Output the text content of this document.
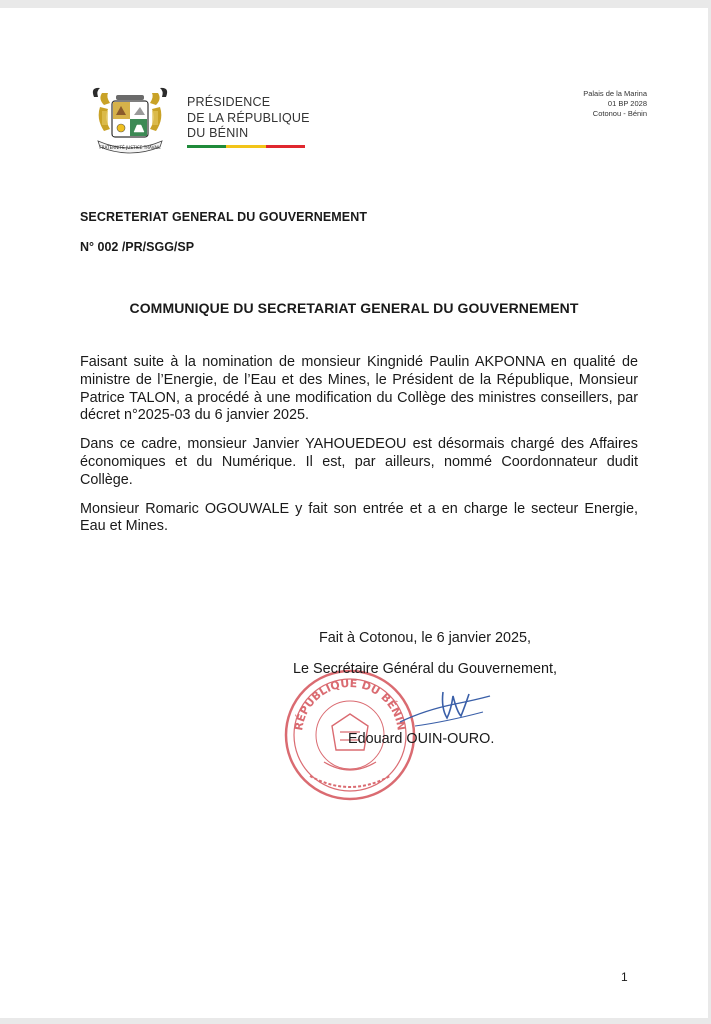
FRATERNITÉ JUSTICE TRAVAIL
PRÉSIDENCE
DE LA RÉPUBLIQUE
DU BÉNIN
Palais de la Marina
01 BP 2028
Cotonou - Bénin
SECRETERIAT GENERAL DU GOUVERNEMENT
N° 002 /PR/SGG/SP
COMMUNIQUE DU SECRETARIAT GENERAL DU GOUVERNEMENT

Faisant suite à la nomination de monsieur Kingnidé Paulin AKPONNA en qualité de ministre de l’Energie, de l’Eau et des Mines, le Président de la République, Monsieur Patrice TALON, a procédé à une modification du Collège des ministres conseillers, par décret n°2025-03 du 6 janvier 2025.

Dans ce cadre, monsieur Janvier YAHOUEDEOU est désormais chargé des Affaires économiques et du Numérique. Il est, par ailleurs, nommé Coordonnateur dudit Collège.

Monsieur Romaric OGOUWALE y fait son entrée et a en charge le secteur Energie, Eau et Mines.

Fait à Cotonou, le 6 janvier 2025,
RÉPUBLIQUE DU BÉNIN
Le Secrétaire Général du Gouvernement,
Edouard OUIN-OURO.
1
